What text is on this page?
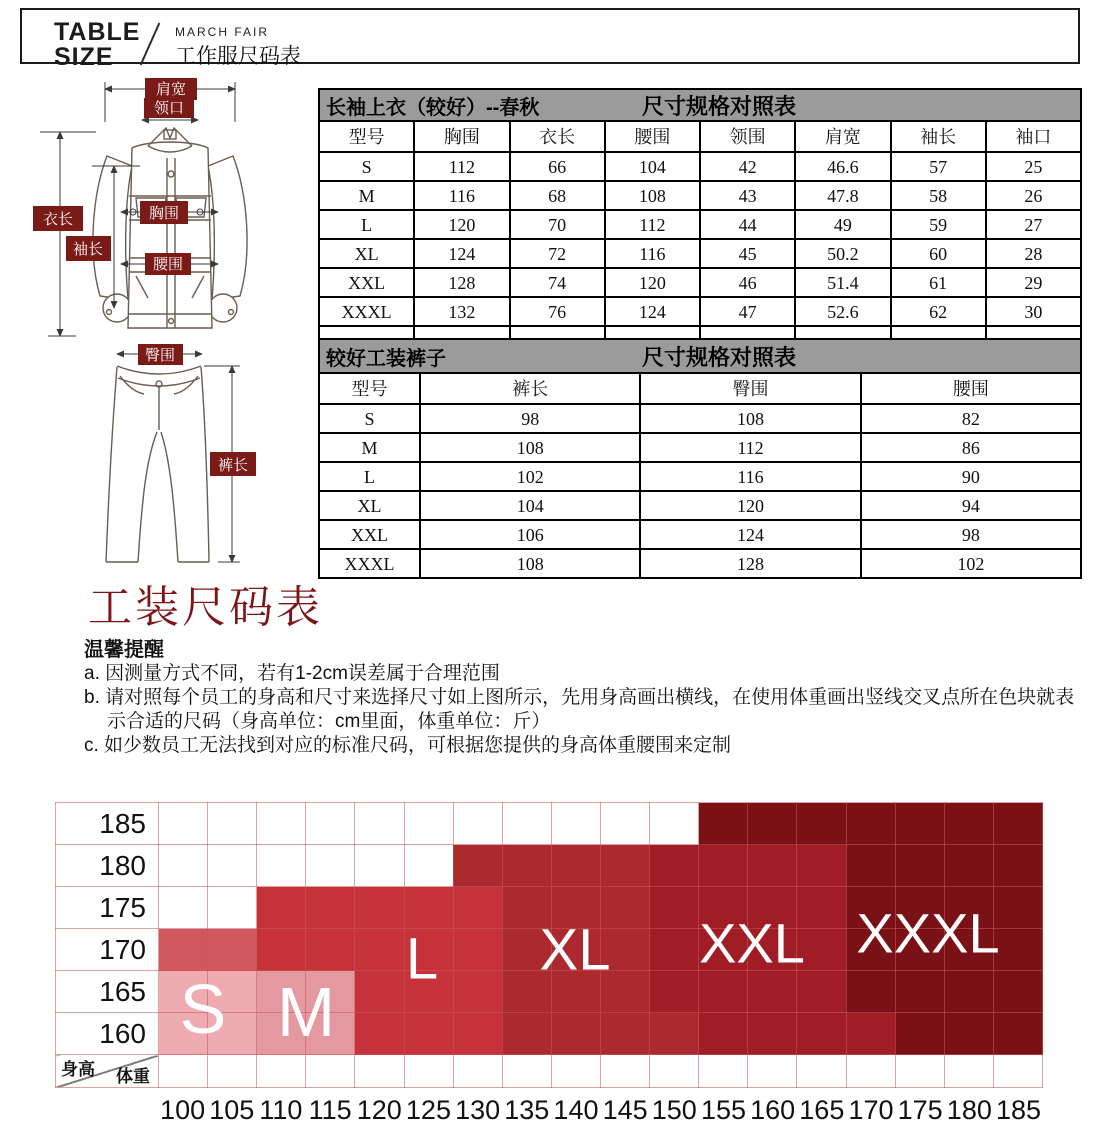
TABLE
SIZE
MARCH FAIR
工作服尺码表
肩宽
领口
衣长
袖长
胸围
腰围
臀围
裤长
长袖上衣（较好）--春秋	尺寸规格对照表
型号	胸围	衣长	腰围	领围	肩宽	袖长	袖口
S	112	66	104	42	46.6	57	25
M	116	68	108	43	47.8	58	26
L	120	70	112	44	49	59	27
XL	124	72	116	45	50.2	60	28
XXL	128	74	120	46	51.4	61	29
XXXL	132	76	124	47	52.6	62	30

较好工装裤子	尺寸规格对照表
型号	裤长	臀围	腰围
S	98	108	82
M	108	112	86
L	102	116	90
XL	104	120	94
XXL	106	124	98
XXXL	108	128	102
工装尺码表
温馨提醒
a. 因测量方式不同，若有1-2cm误差属于合理范围
b. 请对照每个员工的身高和尺寸来选择尺寸如上图所示，先用身高画出横线，在使用体重画出竖线交叉点所在色块就表
示合适的尺码（身高单位：cm里面，体重单位：斤）
c. 如少数员工无法找到对应的标准尺码，可根据您提供的身高体重腰围来定制
185																		
180																		
175																		
170																		
165																		
160																		

身高 体重																		

100 105 110 115 120 125 130 135 140 145 150 155 160 165 170 175 180 185
S M
L XL XXL XXXL
